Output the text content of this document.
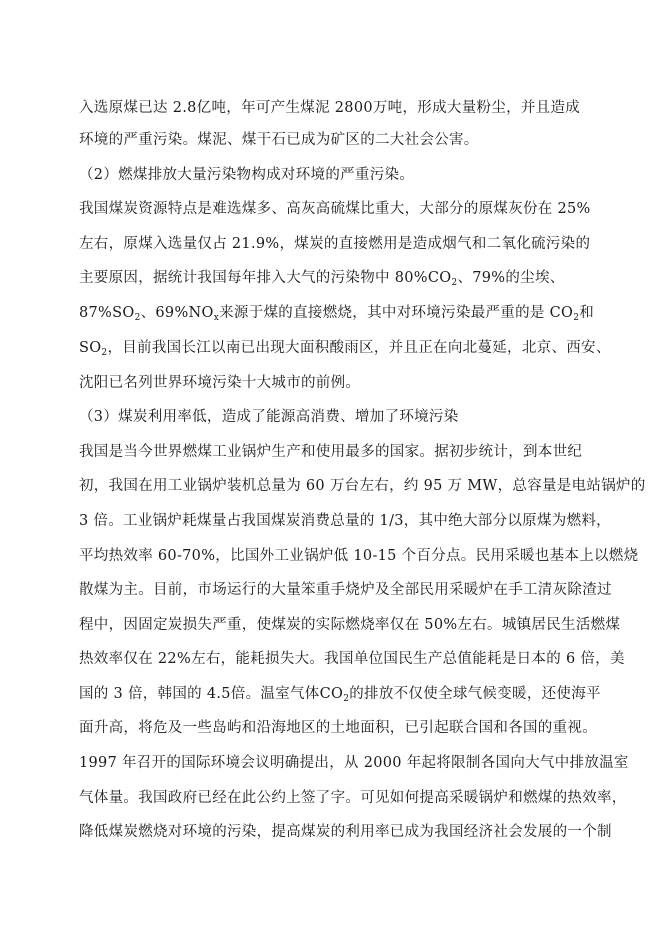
入选原煤已达 2.8亿吨，年可产生煤泥 2800万吨，形成大量粉尘，并且造成
环境的严重污染。煤泥、煤干石已成为矿区的二大社会公害。
（2）燃煤排放大量污染物构成对环境的严重污染。
我国煤炭资源特点是难选煤多、高灰高硫煤比重大，大部分的原煤灰份在 25%
左右，原煤入选量仅占 21.9%，煤炭的直接燃用是造成烟气和二氧化硫污染的
主要原因，据统计我国每年排入大气的污染物中 $80\%CO_2$、79%的尘埃、
$87\%SO_2$、$69\%NO_x$来源于煤的直接燃烧，其中对环境污染最严重的是 $CO_2$和
$SO_2$，目前我国长江以南已出现大面积酸雨区，并且正在向北蔓延，北京、西安、
沈阳已名列世界环境污染十大城市的前例。
（3）煤炭利用率低，造成了能源高消费、增加了环境污染
我国是当今世界燃煤工业锅炉生产和使用最多的国家。据初步统计，到本世纪
初，我国在用工业锅炉装机总量为 60 万台左右，约 95 万 MW，总容量是电站锅炉的
3 倍。工业锅炉耗煤量占我国煤炭消费总量的 1/3，其中绝大部分以原煤为燃料，
平均热效率 60-70%，比国外工业锅炉低 10-15 个百分点。民用采暖也基本上以燃烧
散煤为主。目前，市场运行的大量笨重手烧炉及全部民用采暖炉在手工清灰除渣过
程中，因固定炭损失严重，使煤炭的实际燃烧率仅在 50%左右。城镇居民生活燃煤
热效率仅在 22%左右，能耗损失大。我国单位国民生产总值能耗是日本的 6 倍，美
国的 3 倍，韩国的 4.5倍。温室气体$CO_2$的排放不仅使全球气候变暖，还使海平
面升高，将危及一些岛屿和沿海地区的土地面积，已引起联合国和各国的重视。
1997 年召开的国际环境会议明确提出，从 2000 年起将限制各国向大气中排放温室
气体量。我国政府已经在此公约上签了字。可见如何提高采暖锅炉和燃煤的热效率，
降低煤炭燃烧对环境的污染，提高煤炭的利用率已成为我国经济社会发展的一个制
